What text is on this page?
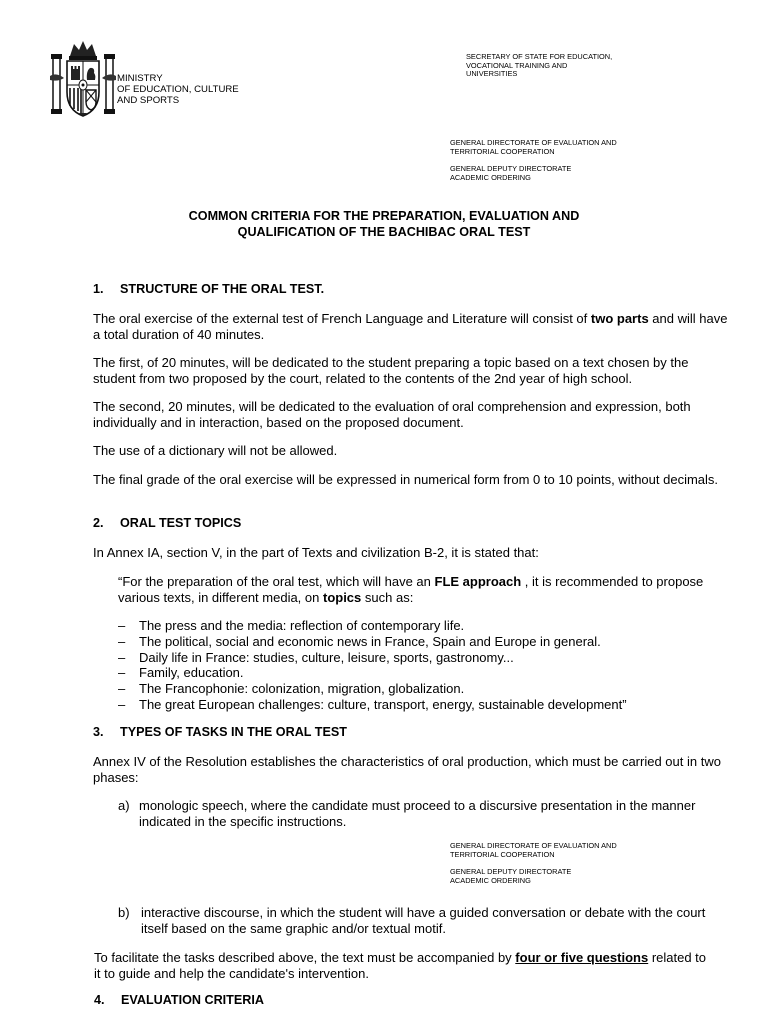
MINISTRY
OF EDUCATION, CULTURE
AND SPORTS
SECRETARY OF STATE FOR EDUCATION,
VOCATIONAL TRAINING AND
UNIVERSITIES
GENERAL DIRECTORATE OF EVALUATION AND
TERRITORIAL COOPERATION
GENERAL DEPUTY DIRECTORATE
ACADEMIC ORDERING
COMMON CRITERIA FOR THE PREPARATION, EVALUATION AND
QUALIFICATION OF THE BACHIBAC ORAL TEST
1. STRUCTURE OF THE ORAL TEST.
The oral exercise of the external test of French Language and Literature will consist of two parts and will have a total duration of 40 minutes.
The first, of 20 minutes, will be dedicated to the student preparing a topic based on a text chosen by the student from two proposed by the court, related to the contents of the 2nd year of high school.
The second, 20 minutes, will be dedicated to the evaluation of oral comprehension and expression, both individually and in interaction, based on the proposed document.
The use of a dictionary will not be allowed.
The final grade of the oral exercise will be expressed in numerical form from 0 to 10 points, without decimals.
2. ORAL TEST TOPICS
In Annex IA, section V, in the part of Texts and civilization B-2, it is stated that:
“For the preparation of the oral test, which will have an FLE approach , it is recommended to propose various texts, in different media, on topics such as:
– The press and the media: reflection of contemporary life.
– The political, social and economic news in France, Spain and Europe in general.
– Daily life in France: studies, culture, leisure, sports, gastronomy...
– Family, education.
– The Francophonie: colonization, migration, globalization.
– The great European challenges: culture, transport, energy, sustainable development”
3. TYPES OF TASKS IN THE ORAL TEST
Annex IV of the Resolution establishes the characteristics of oral production, which must be carried out in two phases:
a) monologic speech, where the candidate must proceed to a discursive presentation in the manner indicated in the specific instructions.
GENERAL DIRECTORATE OF EVALUATION AND
TERRITORIAL COOPERATION
GENERAL DEPUTY DIRECTORATE
ACADEMIC ORDERING
b) interactive discourse, in which the student will have a guided conversation or debate with the court itself based on the same graphic and/or textual motif.
To facilitate the tasks described above, the text must be accompanied by four or five questions related to it to guide and help the candidate's intervention.
4. EVALUATION CRITERIA
